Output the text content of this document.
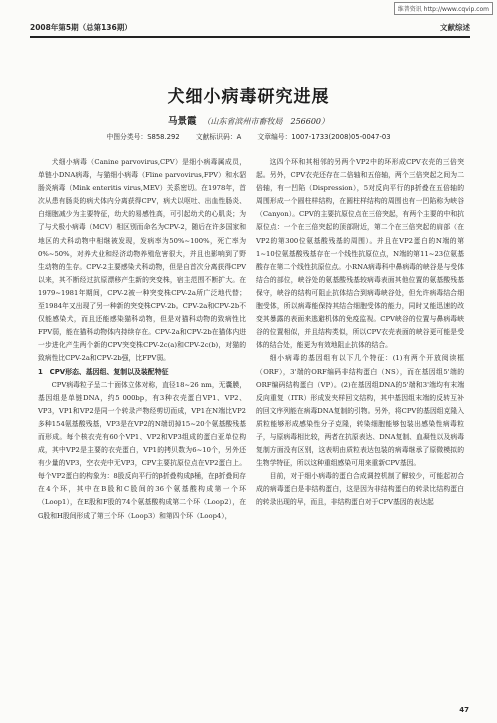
维普资讯 http://www.cqvip.com
2008年第5期（总第136期）	文献综述
犬细小病毒研究进展
马景霞 （山东省滨州市畜牧局　256600）
中图分类号：S858.292 文献标识码：A 文章编号：1007-1733(2008)05-0047-03

犬细小病毒（Canine parvovirus,CPV）是细小病毒属成员，单链小DNA病毒，与猫细小病毒（Fline parvovirus,FPV）和水貂肠炎病毒（Mink enteritis virus,MEV）关系密切。在1978年，首次从患有肠炎的病犬体内分离获得CPV，病犬以呕吐、出血性肠炎、白细胞减少为主要特征，幼犬的易感性高，可引起幼犬的心肌炎；为了与犬极小病毒（MCV）相区别而命名为CPV-2，随后在许多国家和地区的犬科动物中相继被发现，发病率为50%~100%，死亡率为0%~50%，对养犬业和经济动物养殖危害很大，并且也影响到了野生动物的生存。CPV-2主要感染犬科动物，但是自首次分离获得CPV以来，其不断经过抗原漂移产生新的突变株，宿主范围不断扩大。在1979~1981年期间，CPV-2被一种突变株CPV-2a所广泛地代替；至1984年又出现了另一种新的突变株CPV-2b。CPV-2a和CPV-2b不仅能感染犬，而且还能感染猫科动物，但是对猫科动物的致病性比FPV弱，能在猫科动物体内持续存在。CPV-2a和CPV-2b在猫体内进一步进化产生两个新的CPV突变株CPV-2c(a)和CPV-2c(b)，对猫的致病性比CPV-2a和CPV-2b强，比FPV弱。

1　CPV形态、基因组、复制以及装配特征

CPV病毒粒子呈二十面体立体对称，直径18~26 nm，无囊膜，基因组是单链DNA，约5 000bp，有3种衣壳蛋白VP1、VP2、VP3，VP1和VP2是同一个转录产物经剪切而成，VP1在N端比VP2多种154氨基酸残基，VP3是在VP2的N端切掉15~20个氨基酸残基而形成。每个核衣壳有60个VP1、VP2和VP3组成的蛋白亚单位构成，其中VP2是主要的衣壳蛋白，VP1的拷贝数为6~10个，另外还有少量的VP3，空衣壳中无VP3，CPV主要抗原位点在VP2蛋白上。每个VP2蛋白的构象为：8股反向平行的β折叠构成β桶，在β折叠间存在4个环，其中在B股和C股间的36个氨基酸构成第一个环（Loop1），在E股和F股的74个氨基酸构成第二个环（Loop2），在G股和H股间形成了第三个环（Loop3）和第四个环（Loop4），

这四个环和其相邻的另两个VP2中的环形成CPV衣壳的三倍突起。另外，CPV衣壳还存在二倍轴和五倍轴，两个三倍突起之间为二倍轴，有一凹陷（Dispression），5对反向平行的β折叠在五倍轴的周围形成一个圆柱样结构，在圆柱样结构的周围也有一凹陷称为峡谷（Canyon）。CPV的主要抗原位点在三倍突起，有两个主要的中和抗原位点：一个在三倍突起的顶部附近，第二个在三倍突起的肩部（在VP2的第300位氨基酸残基的周围）。并且在VP2蛋白的N端的第1~10位氨基酸残基存在一个线性抗原位点，N端的第11~23位氨基酸存在第二个线性抗原位点。小RNA病毒科中鼻病毒的峡谷是与受体结合的部位，峡谷处的氨基酸残基较病毒表面其他位置的氨基酸残基保守，峡谷的结构可阻止抗体结合到病毒峡谷处，但允许病毒结合细胞受体，所以病毒能保持其结合细胞受体的能力，同时又能迅速的改变其暴露的表面来逃避机体的免疫监视。CPV峡谷的位置与鼻病毒峡谷的位置相似，并且结构类似，所以CPV衣壳表面的峡谷更可能是受体的结合处，能更为有效地阻止抗体的结合。

细小病毒的基因组有以下几个特征：(1)有两个开放阅读框（ORF），3'端的ORF编码非结构蛋白（NS），而在基因组5'端的ORF编码结构蛋白（VP）。(2)在基因组DNA的5'端和3'端均有末端反向重复（ITR）形成发夹样回文结构，其中基因组末端的反转互补的回文序列能在病毒DNA复制的引物。另外，将CPV的基因组克隆入质粒能够形成感染性分子克隆，转染细胞能够包装出感染性病毒粒子，与原病毒相比较，两者在抗原表达、DNA复制、血凝性以及病毒复制方面没有区别，这表明由质粒表达包装的病毒继承了原微模拟的生物学特征，所以这种重组感染可用来重新CPV基因。

目前，对于细小病毒的蛋白合成调控机制了解较少，可能起初合成的病毒蛋白是非结构蛋白，这是因为非结构蛋白的转录比结构蛋白的转录出现的早，而且，非结构蛋白对于CPV基因的表达起

47
